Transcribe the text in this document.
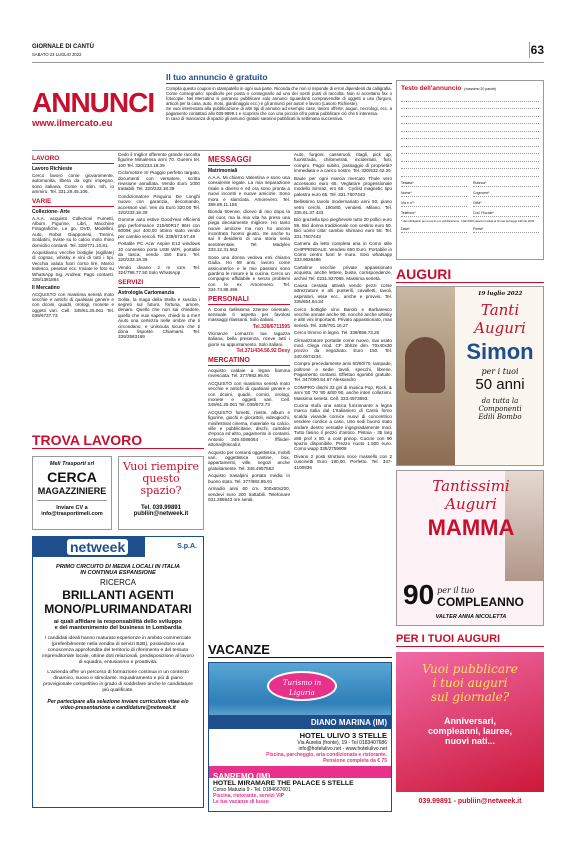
GIORNALE DI CANTÙ
SABATO 23 LUGLIO 2022	63
ANNUNCI
www.ilmercato.eu
Il tuo annuncio è gratuito
Compila questo coupon in stampatello in ogni sua parte. Riconda che non si risponde di errori dipendenti da calligrafia.
Come consegnarlo: spedito/lo per posta o consegnarlo ad uno dei nostri punti di raccolta. Non si accettano fax o fotocopie. Nel Mercatino si potranno pubblicare solo annunci riguardanti compravendite di oggetti a uso (furgoni, articoli per la casa, auto, moto, giardinaggio ecc.) e gli annunci per autori e lavoro (Lavoro Richieste).
Se vuoi interessato alla pubblicazione di altri tipi di annunci ad esempio case, lavoro offerte, auguri, necrologi, ecc. a pagamento contattaci allo 039.9899.1 e scoprirai che con una piccola cifra potrai pubblicare ciò che ti interessa.
In caso di mancanza di spazio gli annunci gratuiti saranno pubblicati la settimana successiva.
Testo dell'annuncio (massimo 20 parole)
Testata*	Rubrica*
Nome*	Cognome*
Via e n°*	Città*
Telefono*	Cod. Fiscale*
* dati obbligatori per pena di non pubblicazione. I dati 0000 saranno trattati ai fini dei del legge 196 del 2003.
Data*	Firma*
LAVORO
Lavoro Richieste
Cerco lavoro come giovanimente, automunita, libera da ogni impegno, sono italiana. Come o stim. Ioh, io ammiro. Tel. 331.29.45.106.
VARIE
Collezione- Arte
A.A.A. acquisto Collezioni Fumetti, Album Figurine, Libri, Macchine Fotografiche, Le go, DVD, Modellini, Auto, Robot Giapponesi, Trenini, Soldatini, riviste su lo calcio moto rhino domicilio contanti. Tel. 328/771.10.81.
Acquistiamo vecchie bottiglie (sigillate) di cognac, whisky e vini di tutti i tipi. Vecchia valuta fuori corso lire, Marco tedesco, pesetas ecc. Inviate le foto su WhatsApp Sig. Andrea: Pago contanti. 339/1381864
Il Mercatino
ACQUISTO con massima serietà moto vecchie e antichi di qualsiasi genere e con dcoini, quadri, orologi, monete e oggetti vari. Cell. 349/61.25.061 Tel. 039/6737.73
Cedo il miglior offerente grande raccolta figurine Minalensa anni 70. Guerini tel. 100 Tel. 320/233.18.39
Ciclomotore SI Piaggio perfetto targato, documenti con versatore, scritta revisione annullata. Vendo Euro 1000 trattabili. Tel. 320/233.18.39
Condizionatore Pinguino De Longhi nuovo con garanzia, decomando, accessori vari. Ven do Euro 320,00 Tel. 320/233.18.39
Gomme auto estive GoodYear efficienti grip performance 215/60R17 96H con 6000€ pur 400,00 ottimo stato vendo per cambio veicoli. Tel. 339/673.57.48
Portatile PC Acer Aspire E13 windows 10 connesso porta USB WiFi, portatile da tasca, vendo 150 Euro. Tel. 320/233.18.39
Vendo divano 2 m x1m. Tel. 324/798.77.50 Solo WhatsApp
SERVIZI
Astrologia Cartomanzia
Solita, la maga della Stella e suscita i segreti sul futuro. fortuna, amore, denaro. Quello che non sai chiedere, quello che vuoi sapere, chiedi lo a me!! Aiuto una certezza nelle ombre che ti circondano, e unisciuta sicura che ti dona risposte. Chiamami. Tel. 339/2583169
TROVA LAVORO
Meli Trasporti srl
CERCA
MAGAZZINIERE
Inviare CV a
info@trasportimeli.com
Vuoi riempire
questo
spazio?
Tel. 039.99891
publiin@netweek.it
netweek	S.p.A.
PRIMO CIRCUITO DI MEDIA LOCALI IN ITALIA
IN CONTINUA ESPANSIONE
RICERCA
BRILLANTI AGENTI
MONO/PLURIMANDATARI
ai quali affidare la responsabilità dello sviluppo
e del mantenimento del business in Lombardia
I candidati ideali hanno maturato esperienze in ambito commerciale (preferibilmente nella vendita di servizi B2B), possiedono una conoscenza approfondita del territorio di riferimento e del tessuto imprenditoriale locale, ottime doti relazionali, predisposizione al lavoro di squadra, entusiasmo e proattività.
L'azienda offre un percorso di formazione continua in un contesto dinamico, nuovo e stimolante. Inquadramento e più di piano provvigionale competitivo in grado di soddisfare anche le candidature più qualificate.
Per partecipare alla selezione inviare curriculum vitae e/o video-presentazione a candidature@netweek.it
MESSAGGI
Matrimoniali
A.A.A. Mi chiamo Valentina e sono una consulente legale. La mia separazione risale a diversi e ed ora sono pronta a nuovi incontri e nuove amicizie. Sono mora e slanciata. Amorevero. Tel. 388.89.11.155
Bionda 50enne, dicevo di mio dopo la del cuor, ma la mia vita ha preso una piega decisamente migliore. Ho tanto nuove amicizie ma non ho ancora incontrato l'uomo giusto. Se anche tu sai il desiderio di una storia seria sentimentale. Tel. Madylex 333.12.31.563
Sono una donna vedova emi chiamo Giulia. Ho 69 anni, lavoro come assicuratrice e le mie passioni sono giardino le rosure e la cucina. Cerco un compagno affidabile e senza problemi con le ex Amorevero. Tel. 334.74.88.496
PERSONALI
A Como bellissima 23enne orientale, sensuale ti aspetta per favolosi massaggi rilassanti. Solo italiani.
Tel.339/6711595
Vicinanze Lomazzo tua ragazza italiana, bella presenza, riceve tutti i giorni su appuntamento. Solo italiani.
Tel.371/434.56.92 Desy
MERCATINO
Acquisto caldaie a legna fiamma rovesciata. Tel. 377/982.95.91
ACQUISTO con massima serietà moto vecchie e antichi di qualsiasi genere e con dcoini, quadri, comici, orologi, monete e oggetti vari. Cell. 349/61.25.061 Tel. 039/673.73
ACQUISTO fumetti, riviste, album e figurine, giochi e giocattoli, videogiochi, minifestival cinema, materiale su calcio, ville e pubblicitarie, dischi, cartoline d'epoca ed altro, pagamento in contanti. Antonio 349.4086064 - fffindel-attoria@tiscali.it
Acquisto per contanti oggettistica, mobili vari, oggettistica cantine, box, appartamenti, ville, negozi anche gratuitamente. Tel. 346.4957563
Acquisto trasalpini portata media in buono stato. Tel. 377/982.95.91
Armadio anni 60 cm. 300x60x200, vendevi euro 200 trattabili. Telefonare 031.288643 ore serali.
Auto, furgoni, casseruoli, ritagli, pick up, fuoristrada, chilometrati, incidentati, fusi, compro. Pagoi subito, passaggio di proprietà? immediata e a carico nostro. Tel. 320/532.42.26
Baule per ogni marcia mercato Thule vero accessorio euro 65. Veglatore progessionale modello Simraz, ero 65 . Cyclist magnetic tipo palestra euro 65. Tel. 331.7607443
Bellissimo tavolo modernariato anni 50, piano vetro cerchi, 190x80, vendesi. Milano. Tel. 335.61.37.433
Bici graziella tipo pieghevole tutto 20 pollici euro 58. Bici donna tradizionale con cestino euro 50. Bici uomo citta' cambio shimano euro 58. Tel. 331.7607443
Camera da letto completa aria in Como stile CHIPPENDALE. Vendesi 650 Euro. Portabile in Como centro fuori le mura. Solo whatsapp 333.9636486
Cartoline vecchie private appassionato acquista, anche lettere, buste, corrispondenze, archivi Tel. 0231.927085. Massima serietà.
Causa cessata attività vendo pezzi corse attrezzature e alti punterili, cavalletti, tavoli, aspiratori, esse ecc., anche e provvis. Tel. 335/654.84.34
Cerco bottiglie vino Barolo e Barbaresco vecchie annate anche 90, nonché anche whisky e altri vini importanti. Privato appassionato, max serietà. Tel. 335/791.16.27
Cerco trimmo in legno. Tel. 339/856.73.26
Climatizzatore portatile come nuovo, mai usato mod. Clega mod. CF 2bh2e dim. 70x40x30 prezzo da negoziato. Euro 150. Tel. 340.0674234.
Compro precedamente anni 50/60/70. lampade, poltrone e sedie tavoli, specchi, librerie. Pagamento contanti. Effettuo sgombri gratuite. Tel. 347/090.54.67 Alessandro
COMPRO dischi 33 giri di musica Pop, Rock, & anni '60 '70 '80 &/80 90, anche interi collezioni. Massima serietà. Cell. 333.4973693.
Cucina stufa una antica funzionante a legna marca Italia dal 1'Italianiero di Cantù forno scalda vivande cornice nuovi di concentrico vendere cordice a caso, Uso sedi buono stato andare dentro versatile ingegnadamente mod. Tutto fasino il pezzo d'antico. Pistoia - 35 larg x85 prof x 80. a cost prinop. Cucine con 90 spazio disponibile. Prezzo nuoto 1.500 euro. Como wapp 335/2759908
Divano 2 posti struttura noce massello con 2 cuscinetti Euro 190,00. Perfetto. Tel. 347-4100836
VACANZE
Turismo in Liguria
DIANO MARINA (IM)
HOTEL ULIVO 3 STELLE
Via Aurelia (fronte), 19 - Tel 0183407686
info@hotelulivo.net - www.hotelulivo.net
Piscina, parcheggio, aria condizionata e ristorante.
Pensione completa da € 75
SANREMO (IM)
HOTEL MIRAMARE THE PALACE 5 STELLE
Corso Matuzia 9 - Tel. 0184667601
Piscina, ristorante, servizi VIP
Le tue vacanze di lusso
AUGURI
19 luglio 2022
Tanti
Auguri
Simon
per i tuoi
50 anni
da tutta la
Componenti
Edili Bombo
Tantissimi
Auguri
MAMMA
90 per il tuo
COMPLEANNO
VALTER ANNA NICOLETTA
PER I TUOI AUGURI
Vuoi pubblicare
i tuoi auguri
sul giornale?
Anniversari,
compleanni, lauree,
nuovi nati...
039.99891 - publiin@netweek.it
